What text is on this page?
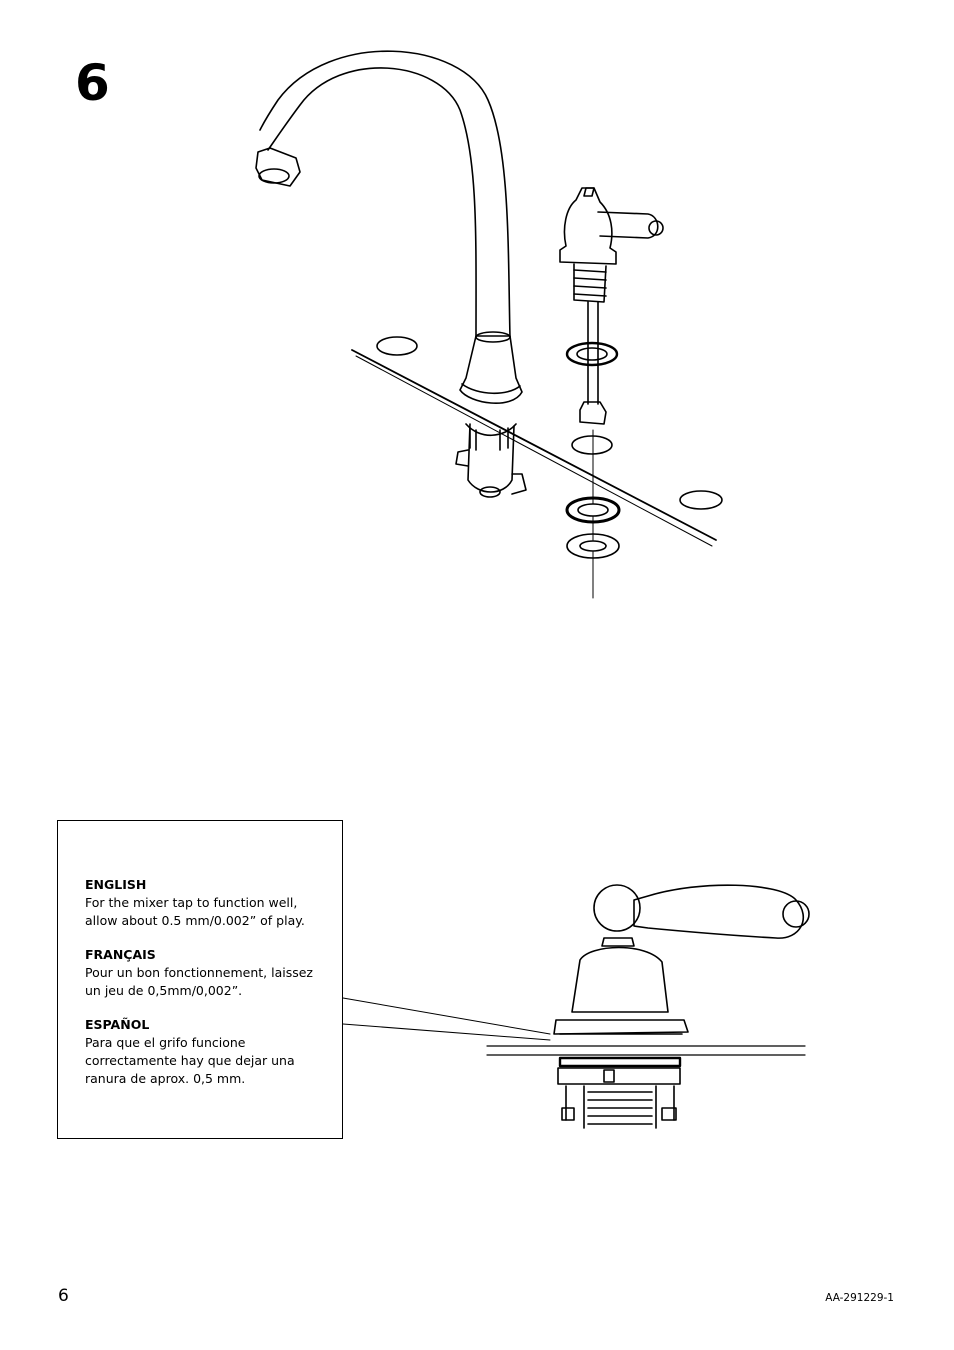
6
ENGLISH
For the mixer tap to function well,
allow about 0.5 mm/0.002” of play.
FRANÇAIS
Pour un bon fonctionnement, laissez
un jeu de 0,5mm/0,002”.
ESPAÑOL
Para que el grifo funcione
correctamente hay que dejar una
ranura de aprox. 0,5 mm.
6	AA-291229-1
